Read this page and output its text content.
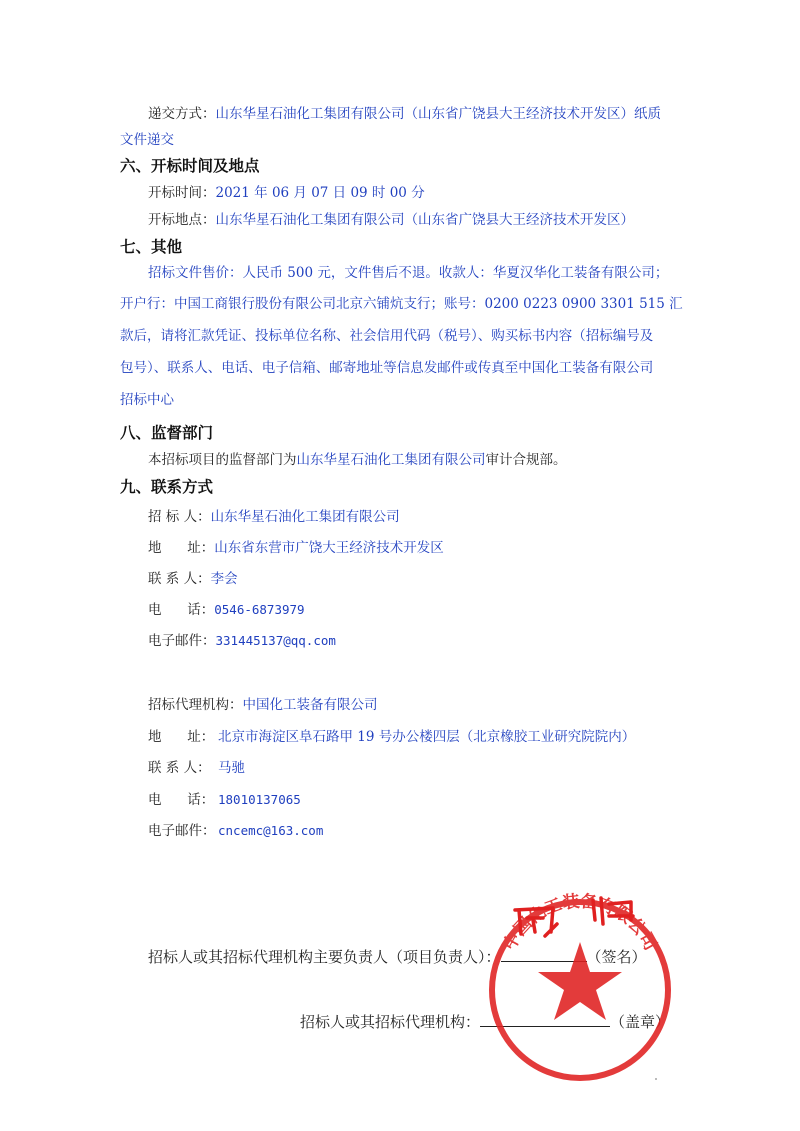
递交方式：山东华星石油化工集团有限公司（山东省广饶县大王经济技术开发区）纸质
文件递交
六、开标时间及地点
开标时间：2021 年 06 月 07 日 09 时 00 分
开标地点：山东华星石油化工集团有限公司（山东省广饶县大王经济技术开发区）
七、其他
招标文件售价：人民币 500 元，文件售后不退。收款人：华夏汉华化工装备有限公司；
开户行：中国工商银行股份有限公司北京六铺炕支行；账号：0200 0223 0900 3301 515 汇
款后，请将汇款凭证、投标单位名称、社会信用代码（税号）、购买标书内容（招标编号及
包号）、联系人、电话、电子信箱、邮寄地址等信息发邮件或传真至中国化工装备有限公司
招标中心
八、监督部门
本招标项目的监督部门为山东华星石油化工集团有限公司审计合规部。
九、联系方式
招 标 人：山东华星石油化工集团有限公司
地      址：山东省东营市广饶大王经济技术开发区
联 系 人：李会
电      话：0546-6873979
电子邮件：331445137@qq.com
招标代理机构：中国化工装备有限公司
地      址： 北京市海淀区阜石路甲 19 号办公楼四层（北京橡胶工业研究院院内）
联 系 人： 马驰
电      话： 18010137065
电子邮件： cncemc@163.com
招标人或其招标代理机构主要负责人（项目负责人）：	（签名）
招标人或其招标代理机构：	（盖章）
中国化工装备有限公司
